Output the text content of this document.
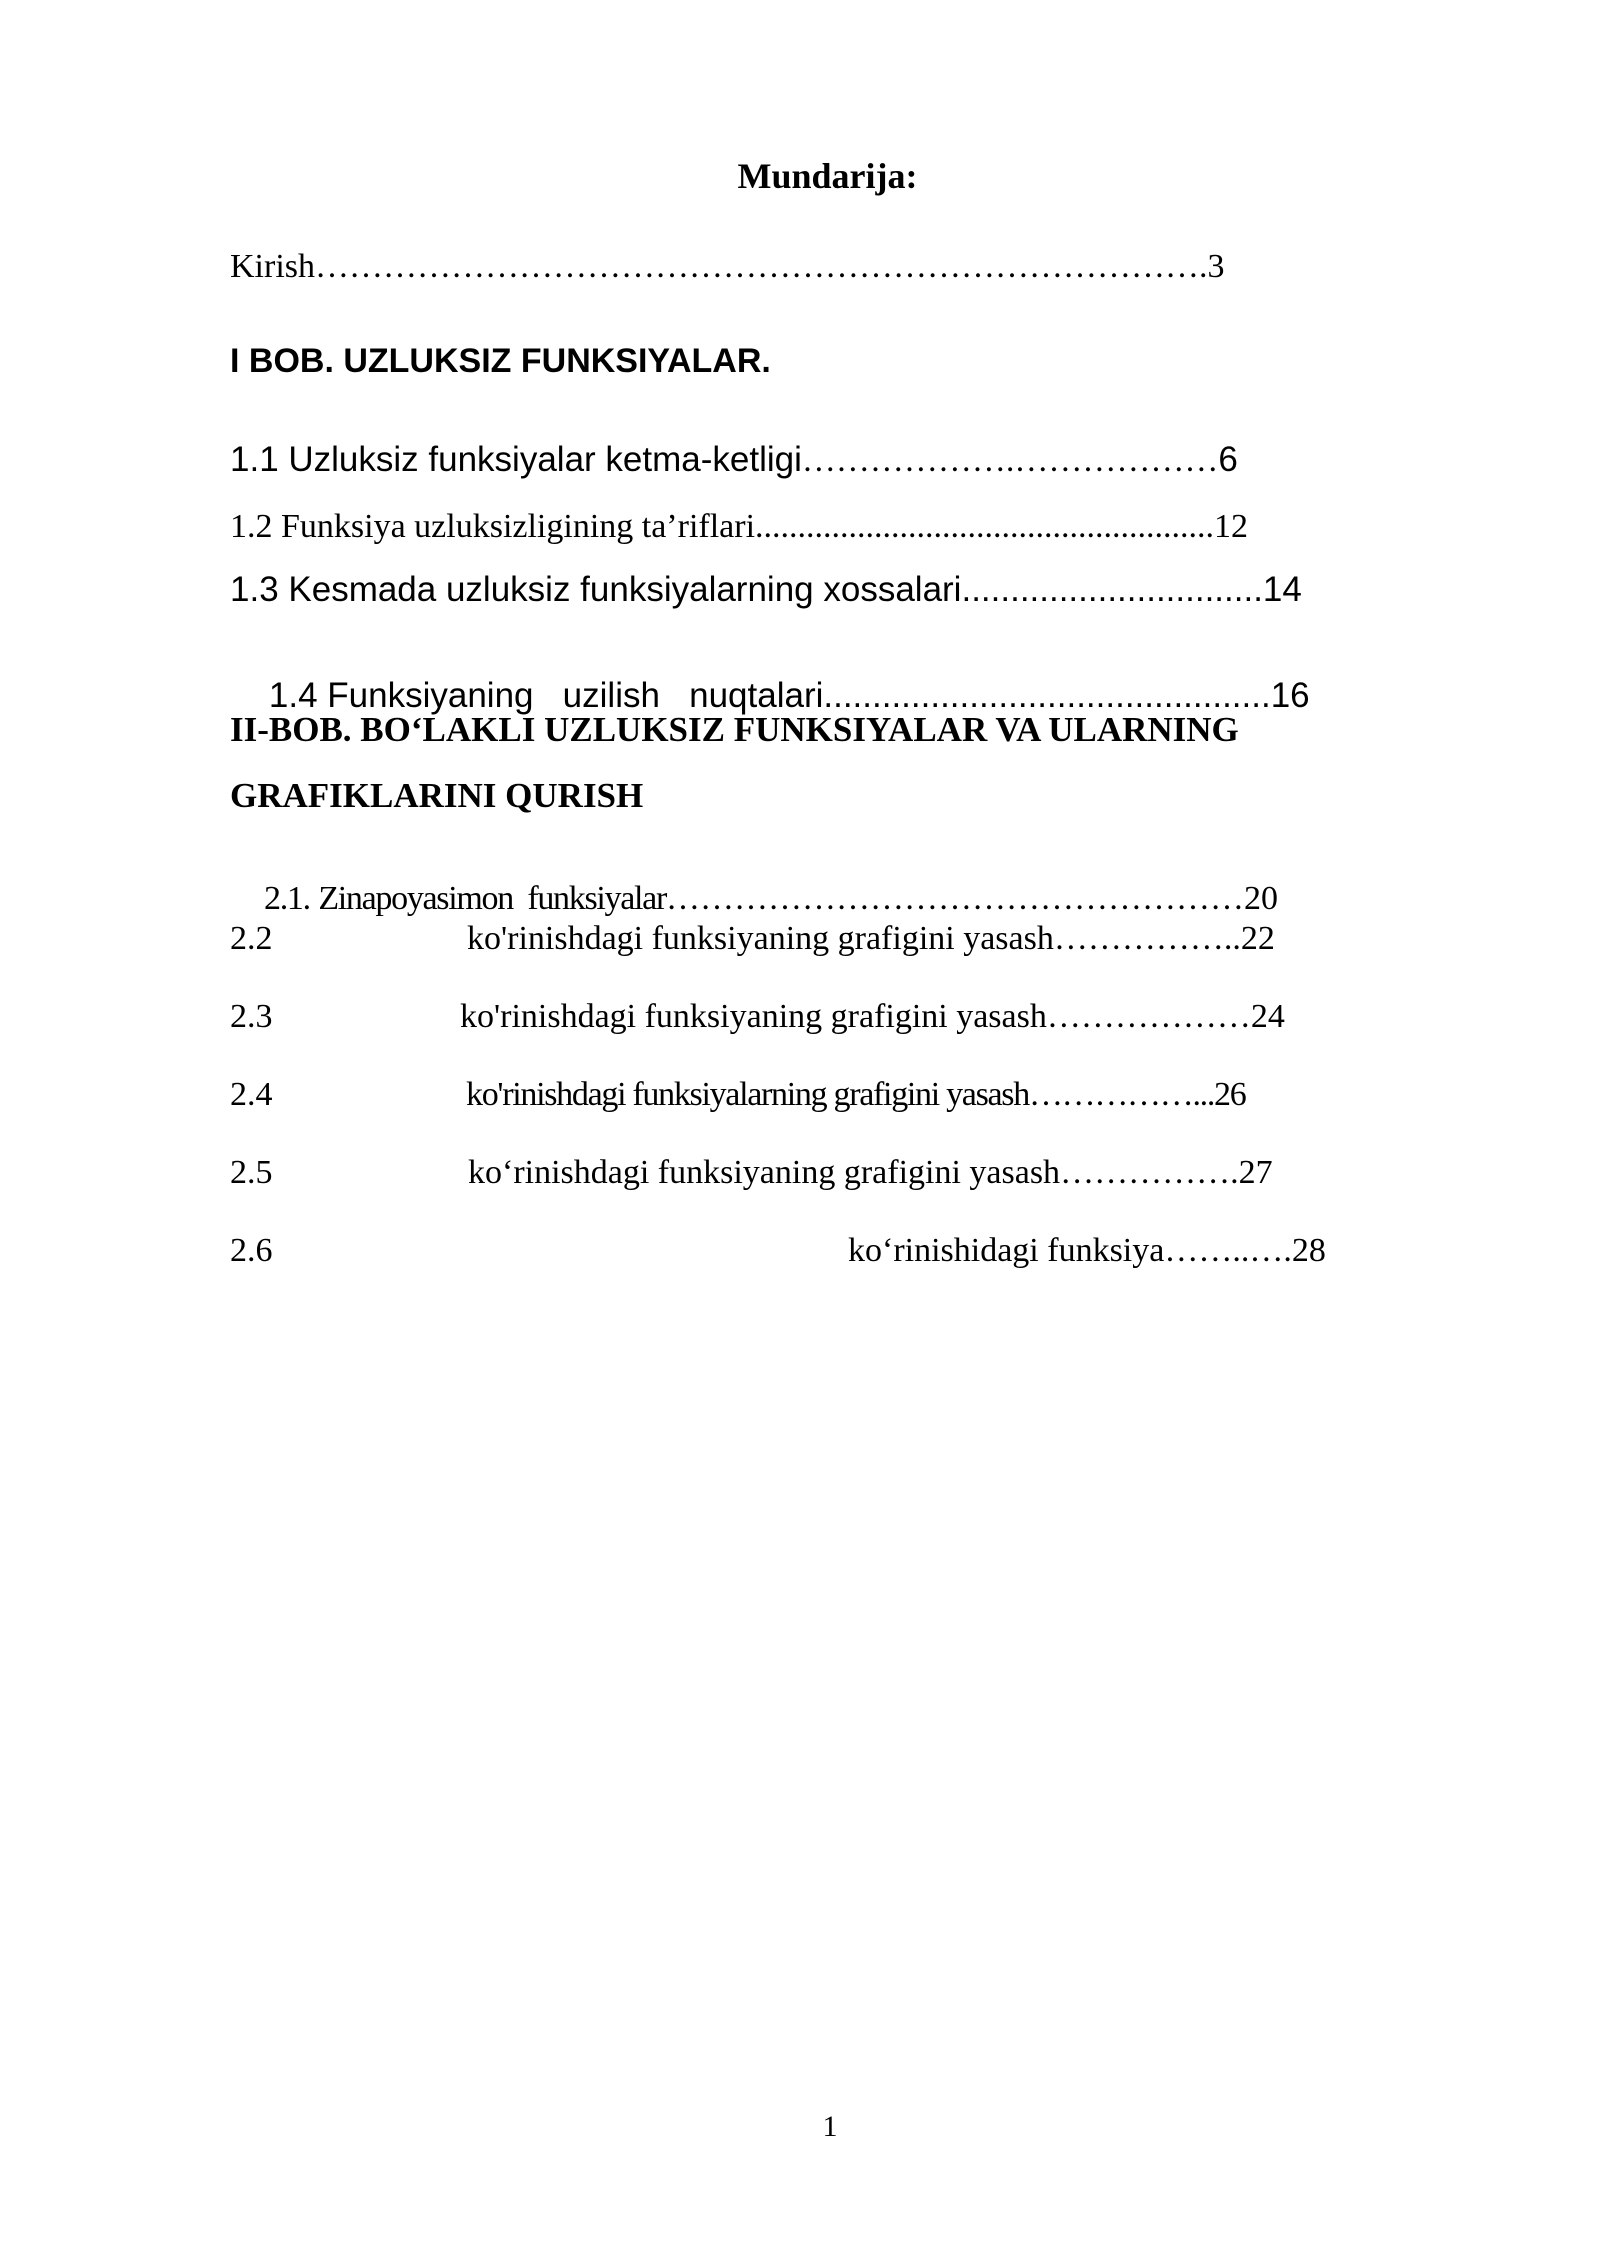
Mundarija:
Kirish…………………………………………………………………….3
I BOB. UZLUKSIZ FUNKSIYALAR.
1.1 Uzluksiz funksiyalar ketma-ketligi……………….………………6
1.2 Funksiya uzluksizligining ta’riflari......................................................12
1.3 Kesmada uzluksiz funksiyalarning xossalari...............................14

1.4 Funksiyaning   uzilish   nuqtalari..............................................16

II-BOB. BO‘LAKLI UZLUKSIZ FUNKSIYALAR VA ULARNING
GRAFIKLARINI QURISH

2.1. Zinapoyasimon  funksiyalar……………………………………………20

2.2	ko'rinishdagi funksiyaning grafigini yasash……………..22
2.3	ko'rinishdagi funksiyaning grafigini yasash………………24
2.4	ko'rinishdagi funksiyalarning grafigini yasash……………...26
2.5	ko‘rinishdagi funksiyaning grafigini yasash…………….27
2.6	ko‘rinishidagi funksiya……..….28
1
